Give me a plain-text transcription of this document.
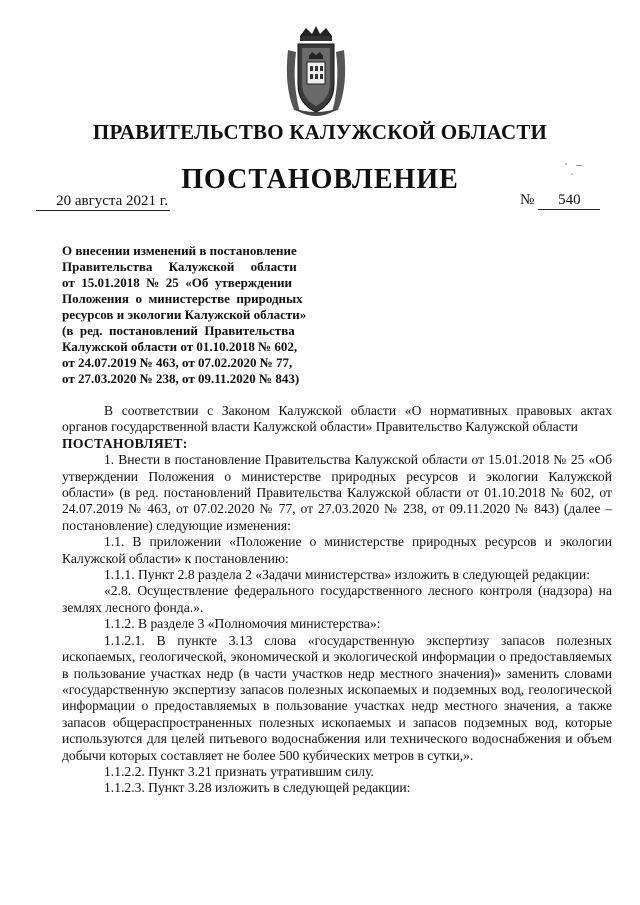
ПРАВИТЕЛЬСТВО КАЛУЖСКОЙ ОБЛАСТИ
ПОСТАНОВЛЕНИЕ
20 августа 2021 г.	№ 540
О внесении изменений в постановление
Правительства     Калужской     области
от  15.01.2018  №  25  «Об  утверждении
Положения  о  министерстве  природных
ресурсов и экологии Калужской области»
(в  ред.  постановлений  Правительства
Калужской области от 01.10.2018 № 602,
от 24.07.2019 № 463, от 07.02.2020 № 77,
от 27.03.2020 № 238, от 09.11.2020 № 843)

В соответствии с Законом Калужской области «О нормативных правовых актах органов государственной власти Калужской области» Правительство Калужской области

ПОСТАНОВЛЯЕТ:

1. Внести в постановление Правительства Калужской области от 15.01.2018 № 25 «Об утверждении Положения о министерстве природных ресурсов и экологии Калужской области» (в ред. постановлений Правительства Калужской области от 01.10.2018 № 602, от 24.07.2019 № 463, от 07.02.2020 № 77, от 27.03.2020 № 238, от 09.11.2020 № 843) (далее – постановление) следующие изменения:

1.1. В приложении «Положение о министерстве природных ресурсов и экологии Калужской области» к постановлению:

1.1.1. Пункт 2.8 раздела 2 «Задачи министерства» изложить в следующей редакции:

«2.8. Осуществление федерального государственного лесного контроля (надзора) на землях лесного фонда.».

1.1.2. В разделе 3 «Полномочия министерства»:

1.1.2.1. В пункте 3.13 слова «государственную экспертизу запасов полезных ископаемых, геологической, экономической и экологической информации о предоставляемых в пользование участках недр (в части участков недр местного значения)» заменить словами «государственную экспертизу запасов полезных ископаемых и подземных вод, геологической информации о предоставляемых в пользование участках недр местного значения, а также запасов общераспространенных полезных ископаемых и запасов подземных вод, которые используются для целей питьевого водоснабжения или технического водоснабжения и объем добычи которых составляет не более 500 кубических метров в сутки,».

1.1.2.2. Пункт 3.21 признать утратившим силу.

1.1.2.3. Пункт 3.28 изложить в следующей редакции:
